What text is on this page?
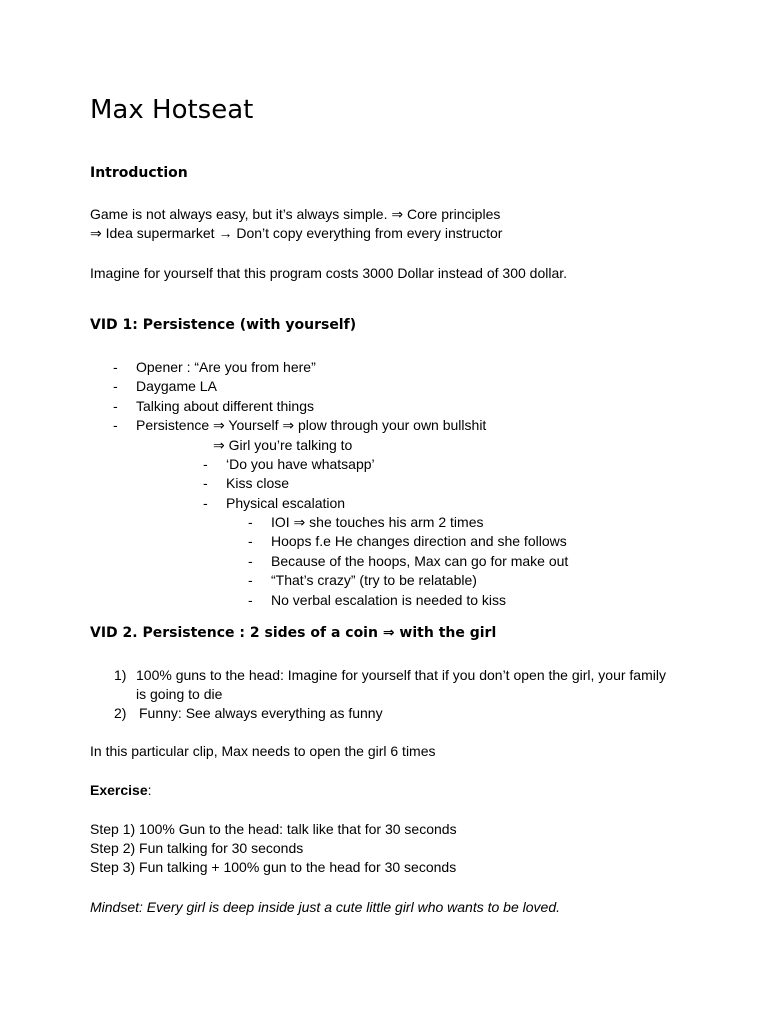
Max Hotseat
Introduction
Game is not always easy, but it’s always simple. ⇒ Core principles
⇒ Idea supermarket → Don’t copy everything from every instructor
Imagine for yourself that this program costs 3000 Dollar instead of 300 dollar.
VID 1: Persistence (with yourself)
- Opener : “Are you from here”
- Daygame LA
- Talking about different things
- Persistence ⇒ Yourself ⇒ plow through your own bullshit
⇒ Girl you’re talking to
- ‘Do you have whatsapp’
- Kiss close
- Physical escalation
- IOI ⇒ she touches his arm 2 times
- Hoops f.e He changes direction and she follows
- Because of the hoops, Max can go for make out
- “That’s crazy” (try to be relatable)
- No verbal escalation is needed to kiss
VID 2. Persistence : 2 sides of a coin ⇒ with the girl
1) 100% guns to the head: Imagine for yourself that if you don’t open the girl, your family
is going to die
2) Funny: See always everything as funny
In this particular clip, Max needs to open the girl 6 times
Exercise:
Step 1) 100% Gun to the head: talk like that for 30 seconds
Step 2) Fun talking for 30 seconds
Step 3) Fun talking + 100% gun to the head for 30 seconds
Mindset: Every girl is deep inside just a cute little girl who wants to be loved.
